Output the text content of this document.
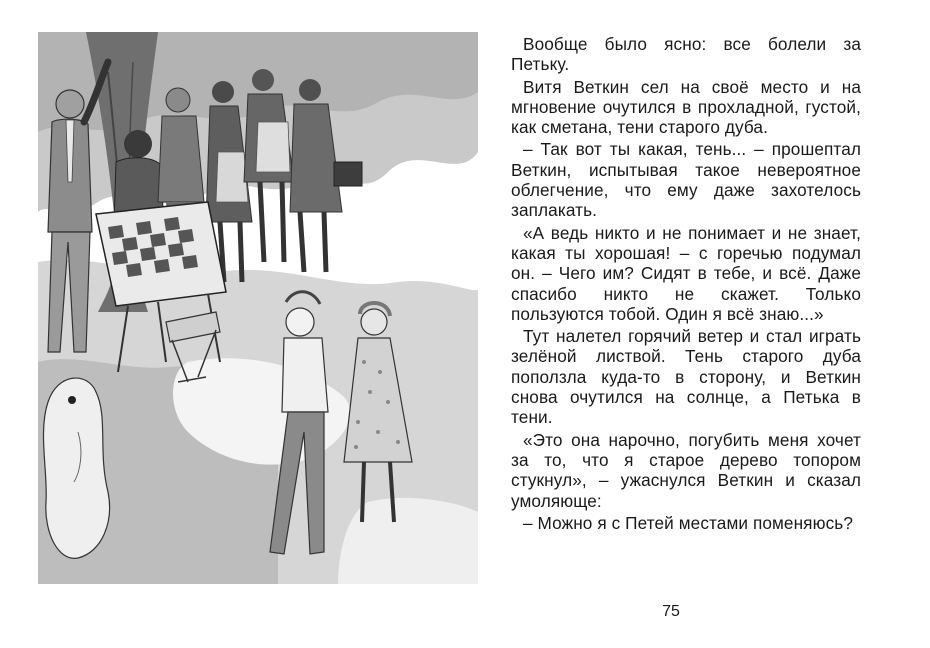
Вообще было ясно: все болели за Петьку.

Витя Веткин сел на своё место и на мгновение очутился в прохладной, густой, как сметана, тени старого дуба.

– Так вот ты какая, тень... – прошептал Веткин, испытывая такое невероятное облегчение, что ему даже захотелось заплакать.

«А ведь никто и не понимает и не знает, какая ты хорошая! – с горечью подумал он. – Чего им? Сидят в тебе, и всё. Даже спасибо никто не скажет. Только пользуются тобой. Один я всё знаю...»

Тут налетел горячий ветер и стал играть зелёной листвой. Тень старого дуба поползла куда-то в сторону, и Веткин снова очутился на солнце, а Петька в тени.

«Это она нарочно, погубить меня хочет за то, что я старое дерево топором стукнул», – ужаснулся Веткин и сказал умоляюще:

– Можно я с Петей местами поменяюсь?

75
